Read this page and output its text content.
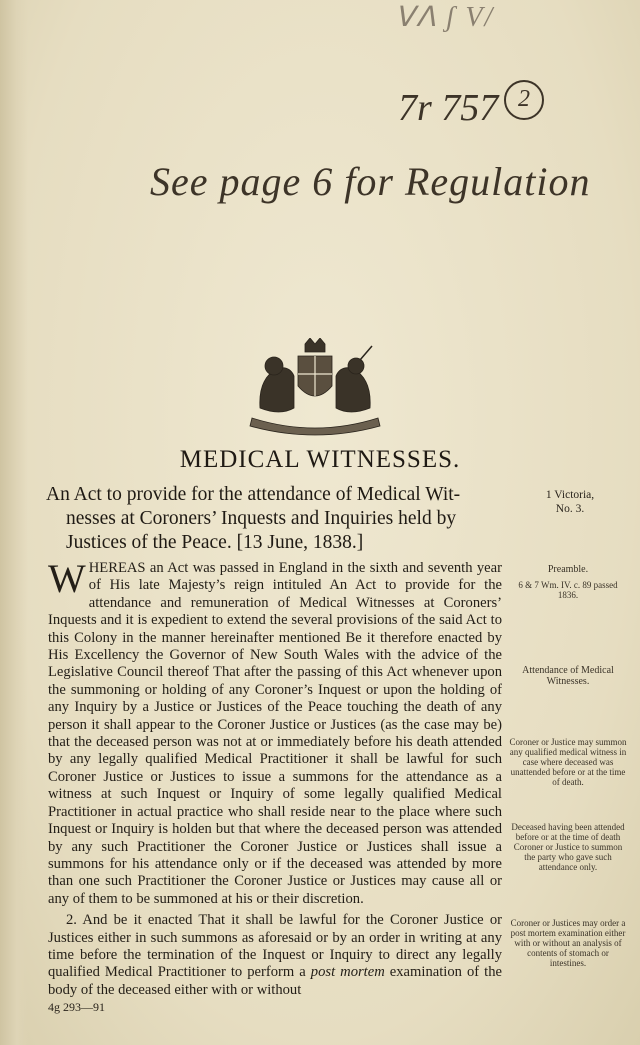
ᐯᐱ ʃ V/
7r 757 2
See page 6 for Regulation
MEDICAL WITNESSES.
An Act to provide for the attendance of Medical Wit-
nesses at Coroners’ Inquests and Inquiries held by
Justices of the Peace. [13 June, 1838.]
1 Victoria,
No. 3.

WHEREAS an Act was passed in England in the sixth and seventh year of His late Majesty’s reign intituled An Act to provide for the attendance and remuneration of Medical Witnesses at Coroners’ Inquests and it is expedient to extend the several provisions of the said Act to this Colony in the manner hereinafter mentioned Be it therefore enacted by His Excellency the Governor of New South Wales with the advice of the Legislative Council thereof That after the passing of this Act whenever upon the summoning or holding of any Coroner’s Inquest or upon the holding of any Inquiry by a Justice or Justices of the Peace touching the death of any person it shall appear to the Coroner Justice or Justices (as the case may be) that the deceased person was not at or immediately before his death attended by any legally qualified Medical Practitioner it shall be lawful for such Coroner Justice or Justices to issue a summons for the attendance as a witness at such Inquest or Inquiry of some legally qualified Medical Practitioner in actual practice who shall reside near to the place where such Inquest or Inquiry is holden but that where the deceased person was attended by any such Practitioner the Coroner Justice or Justices shall issue a summons for his attendance only or if the deceased was attended by more than one such Practitioner the Coroner Justice or Justices may cause all or any of them to be summoned at his or their discretion.

2. And be it enacted That it shall be lawful for the Coroner Justice or Justices either in such summons as aforesaid or by an order in writing at any time before the termination of the Inquest or Inquiry to direct any legally qualified Medical Practitioner to perform a post mortem examination of the body of the deceased either with or without

Preamble.
6 & 7 Wm. IV. c. 89 passed 1836.
Attendance of Medical Witnesses.
Coroner or Justice may summon any qualified medical witness in case where deceased was unattended before or at the time of death.
Deceased having been attended before or at the time of death Coroner or Justice to summon the party who gave such attendance only.
Coroner or Justices may order a post mortem examination either with or without an analysis of contents of stomach or intestines.
4g 293—91
